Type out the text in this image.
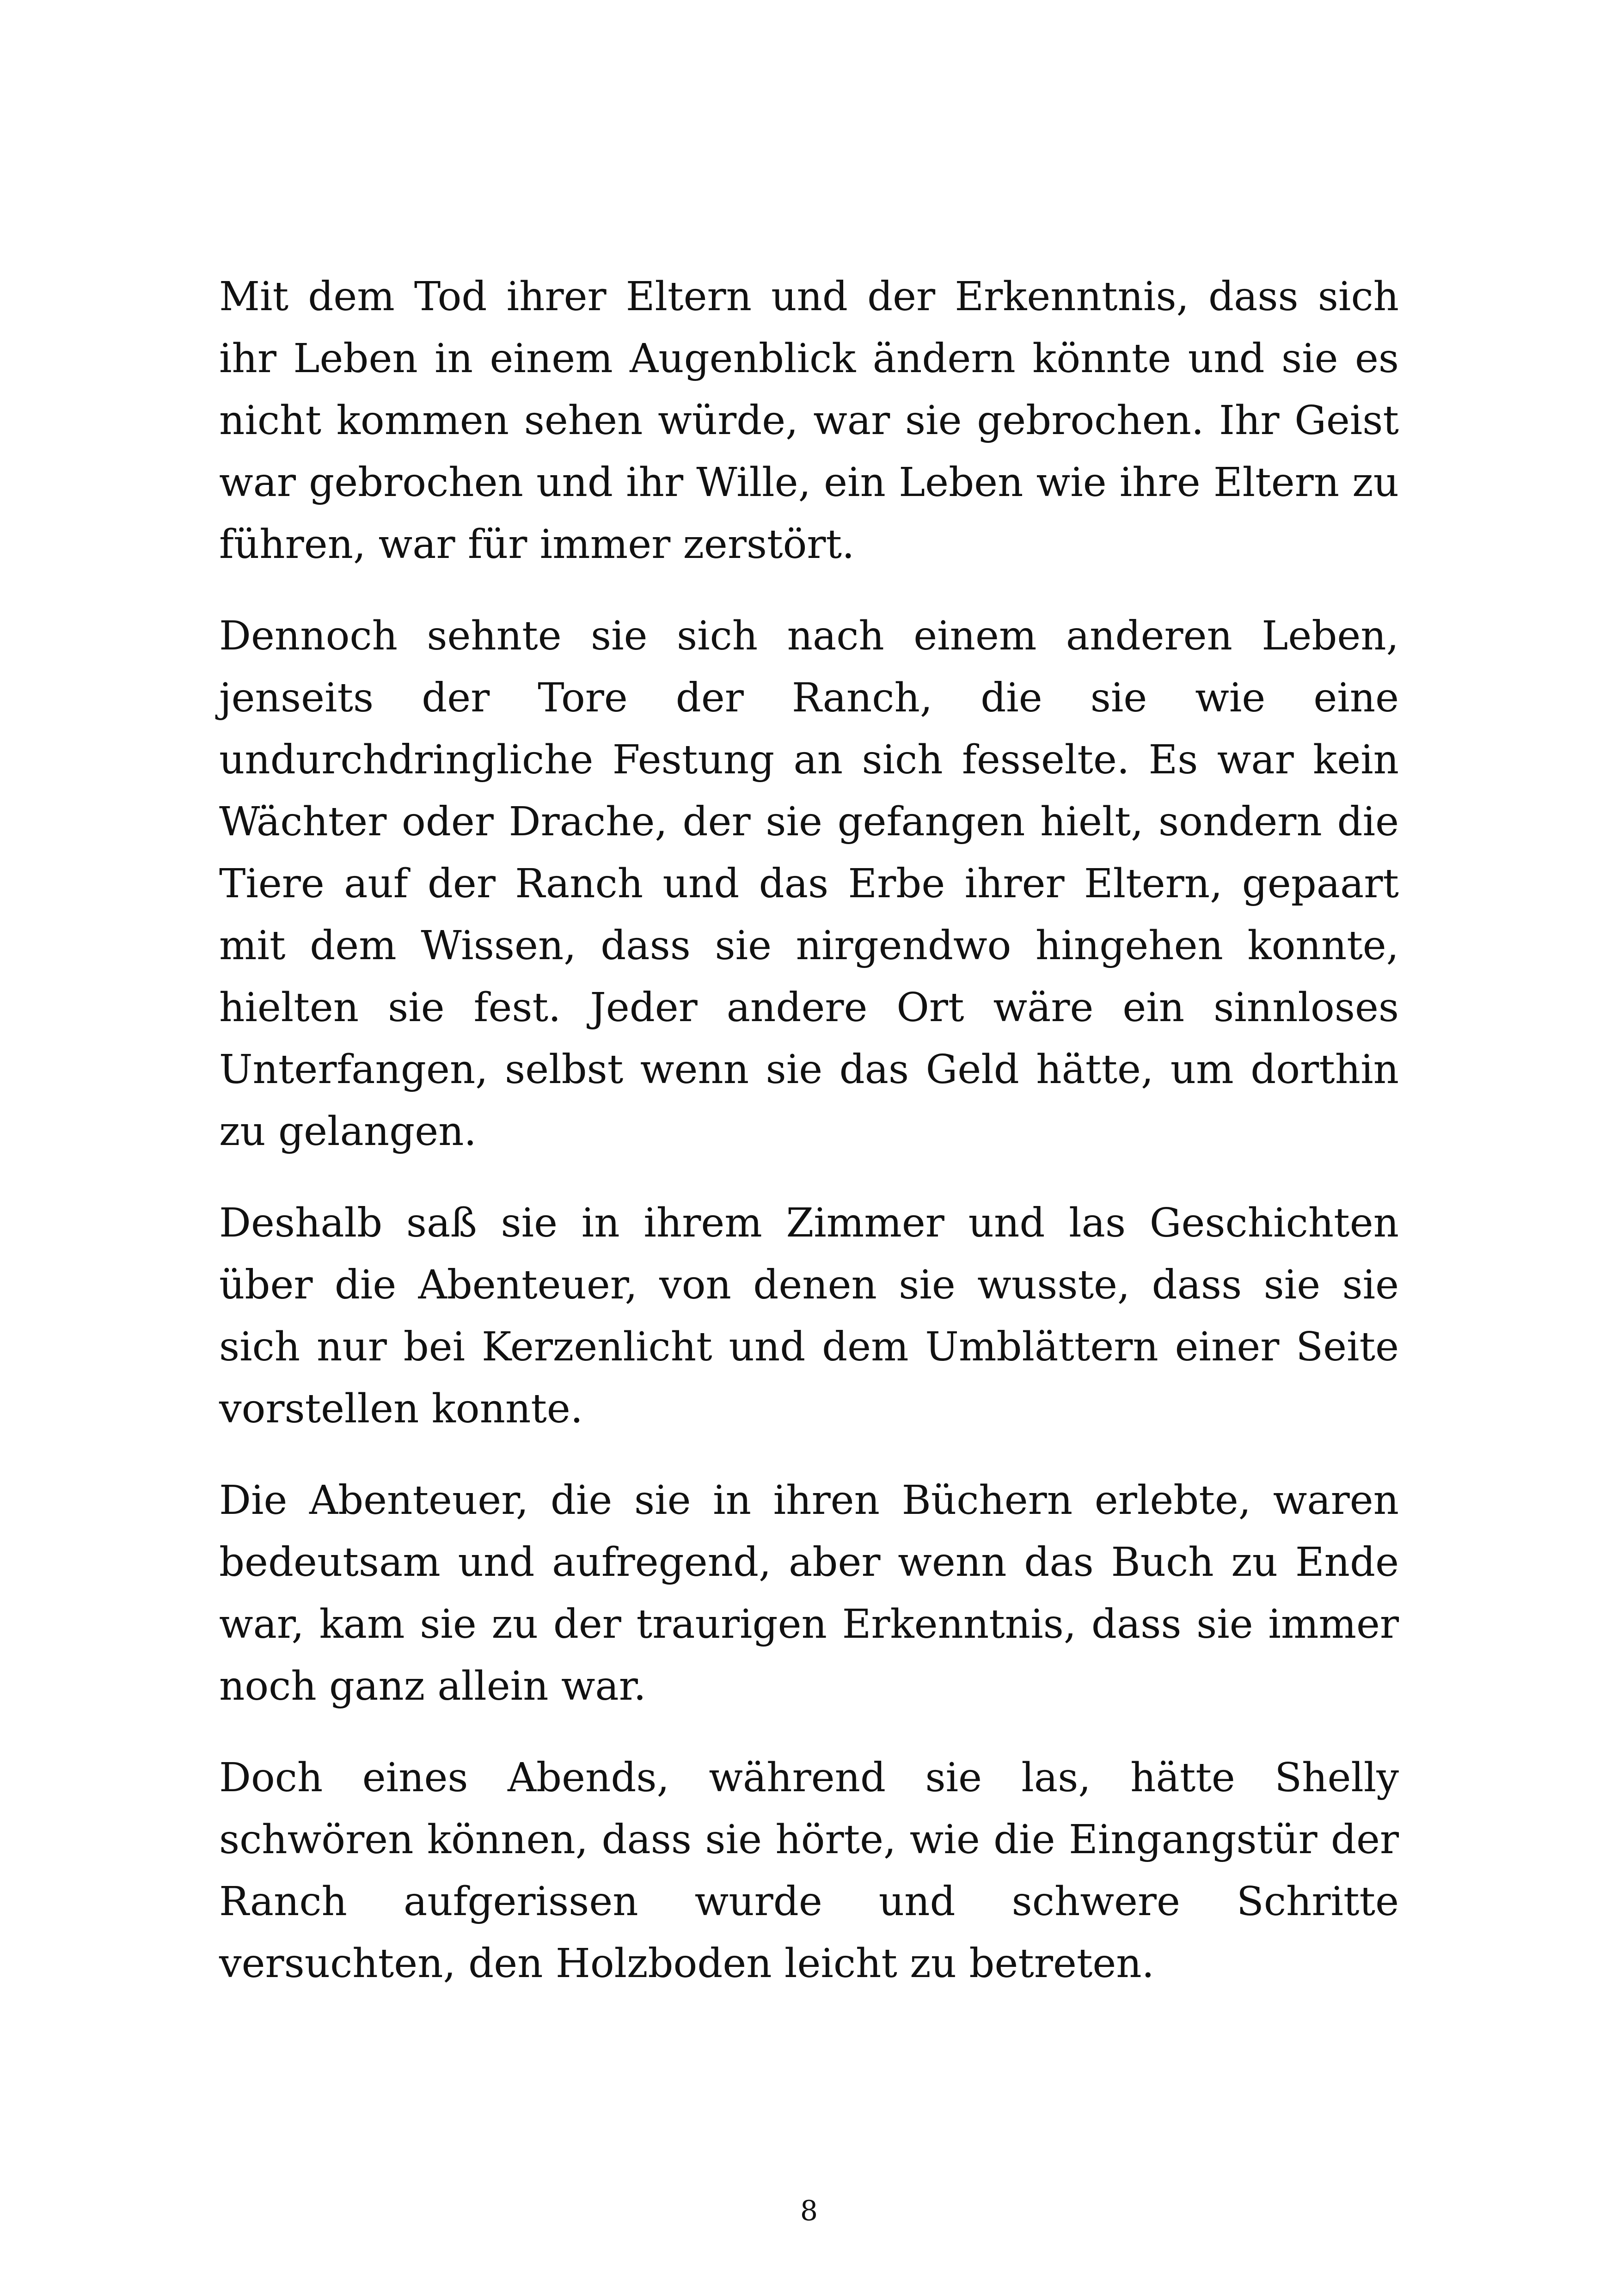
Mit dem Tod ihrer Eltern und der Erkenntnis, dass sich ihr Leben in einem Augenblick ändern könnte und sie es nicht kommen sehen würde, war sie gebrochen. Ihr Geist war gebrochen und ihr Wille, ein Leben wie ihre Eltern zu führen, war für immer zerstört.

Dennoch sehnte sie sich nach einem anderen Leben, jenseits der Tore der Ranch, die sie wie eine undurchdringliche Festung an sich fesselte. Es war kein Wächter oder Drache, der sie gefangen hielt, sondern die Tiere auf der Ranch und das Erbe ihrer Eltern, gepaart mit dem Wissen, dass sie nirgendwo hingehen konnte, hielten sie fest. Jeder andere Ort wäre ein sinnloses Unterfangen, selbst wenn sie das Geld hätte, um dorthin zu gelangen.

Deshalb saß sie in ihrem Zimmer und las Geschichten über die Abenteuer, von denen sie wusste, dass sie sie sich nur bei Kerzenlicht und dem Umblättern einer Seite vorstellen konnte.

Die Abenteuer, die sie in ihren Büchern erlebte, waren bedeutsam und aufregend, aber wenn das Buch zu Ende war, kam sie zu der traurigen Erkenntnis, dass sie immer noch ganz allein war.

Doch eines Abends, während sie las, hätte Shelly schwören können, dass sie hörte, wie die Eingangstür der Ranch aufgerissen wurde und schwere Schritte versuchten, den Holzboden leicht zu betreten.

8
